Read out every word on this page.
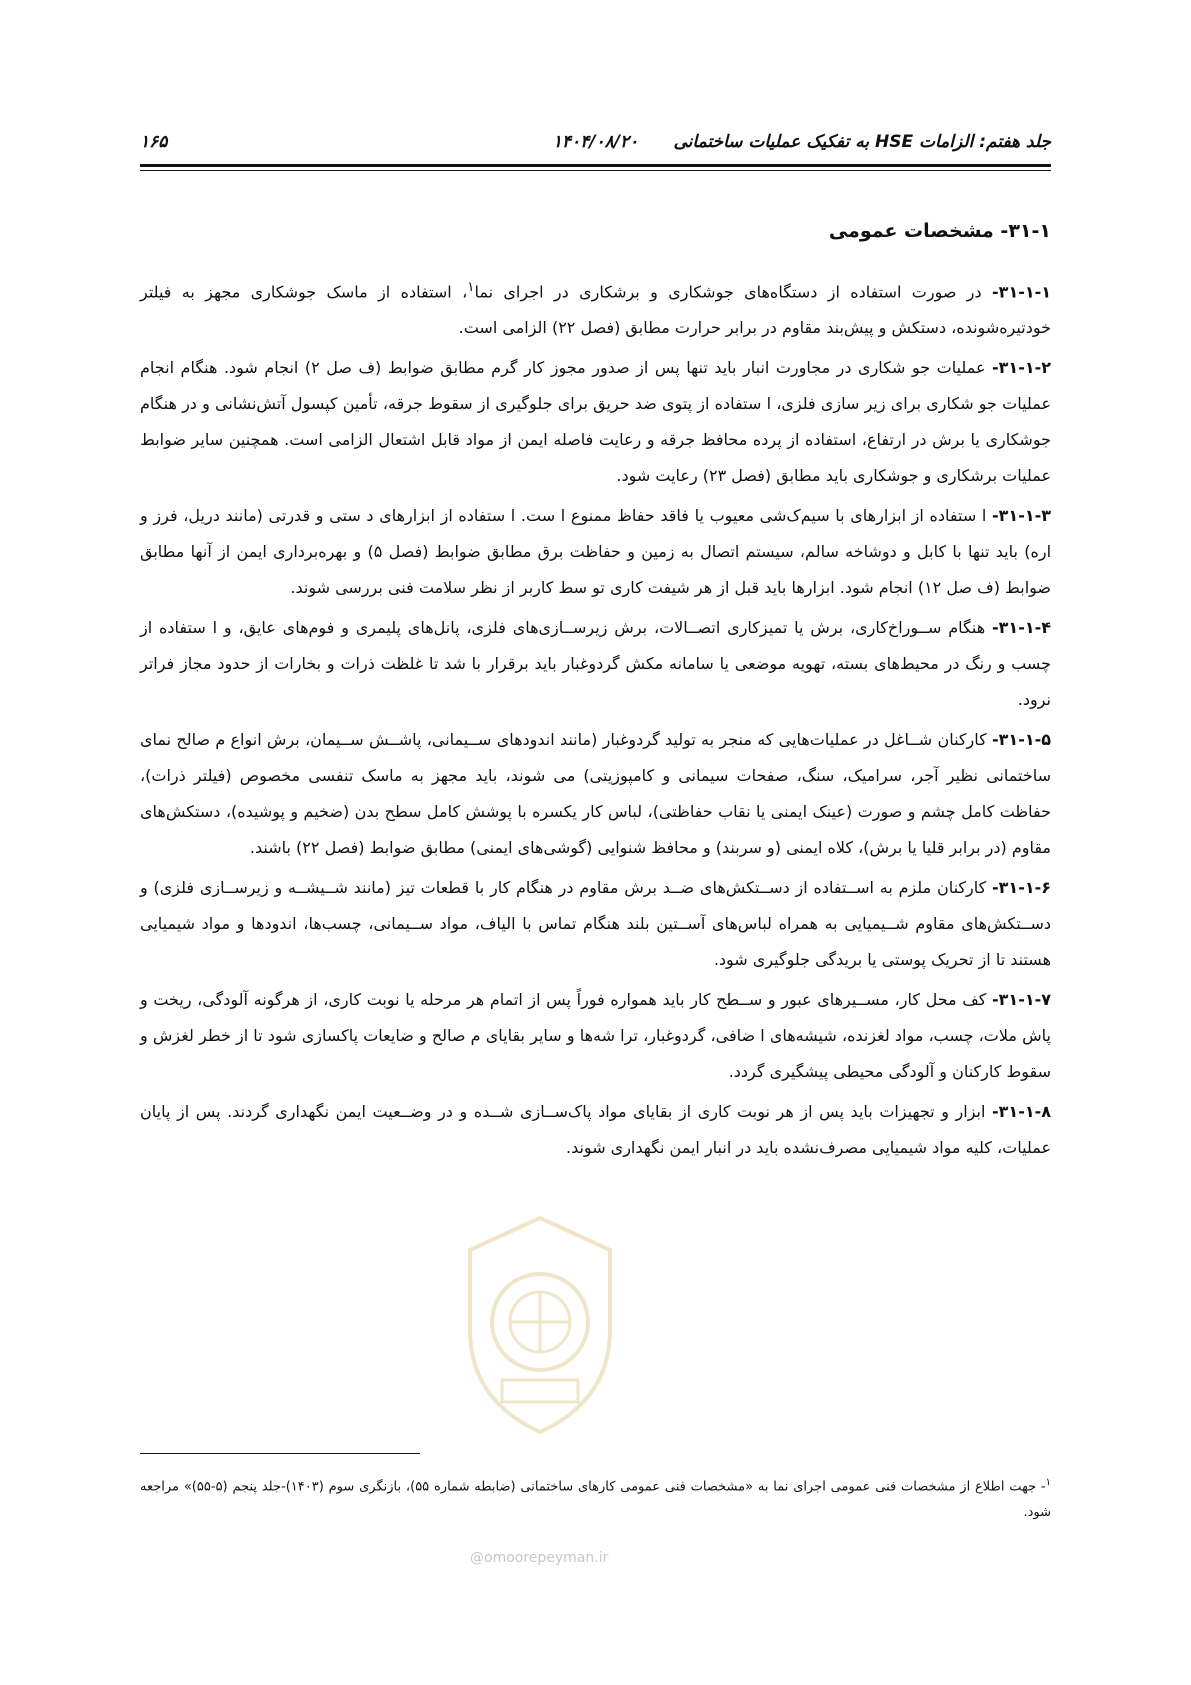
جلد هفتم: الزامات HSE به تفکیک عملیات ساختمانی
۱۴۰۴/۰۸/۲۰
۱۶۵
۳۱-۱- مشخصات عمومی

۳۱-۱-۱- در صورت استفاده از دستگاه‌های جوشکاری و برشکاری در اجرای نما$^۱$، استفاده از ماسک جوشکاری مجهز به فیلتر خودتیره‌شونده، دستکش و پیش‌بند مقاوم در برابر حرارت مطابق (فصل ۲۲) الزامی است.

۳۱-۱-۲- عملیات جو شکاری در مجاورت انبار باید تنها پس از صدور مجوز کار گرم مطابق ضوابط (ف صل ۲) انجام شود. هنگام انجام عملیات جو شکاری برای زیر سازی فلزی، ا ستفاده از پتوی ضد حریق برای جلوگیری از سقوط جرقه، تأمین کپسول آتش‌نشانی و در هنگام جوشکاری یا برش در ارتفاع، استفاده از پرده محافظ جرقه و رعایت فاصله ایمن از مواد قابل اشتعال الزامی است. همچنین سایر ضوابط عملیات برشکاری و جوشکاری باید مطابق (فصل ۲۳) رعایت شود.

۳۱-۱-۳- ا ستفاده از ابزارهای با سیم‌ک‌شی معیوب یا فاقد حفاظ ممنوع ا ست. ا ستفاده از ابزارهای د ستی و قدرتی (مانند دریل، فرز و اره) باید تنها با کابل و دوشاخه سالم، سیستم اتصال به زمین و حفاظت برق مطابق ضوابط (فصل ۵) و بهره‌برداری ایمن از آنها مطابق ضوابط (ف صل ۱۲) انجام شود. ابزارها باید قبل از هر شیفت کاری تو سط کاربر از نظر سلامت فنی بررسی شوند.

۳۱-۱-۴- هنگام ســوراخ‌کاری، برش یا تمیزکاری اتصــالات، برش زیرســازی‌های فلزی، پانل‌های پلیمری و فوم‌های عایق، و ا ستفاده از چسب و رنگ در محیط‌های بسته، تهویه موضعی یا سامانه مکش گردوغبار باید برقرار با شد تا غلظت ذرات و بخارات از حدود مجاز فراتر نرود.

۳۱-۱-۵- کارکنان شــاغل در عملیات‌هایی که منجر به تولید گردوغبار (مانند اندودهای ســیمانی، پاشــش ســیمان، برش انواع م صالح نمای ساختمانی نظیر آجر، سرامیک، سنگ، صفحات سیمانی و کامپوزیتی) می شوند، باید مجهز به ماسک تنفسی مخصوص (فیلتر ذرات)، حفاظت کامل چشم و صورت (عینک ایمنی یا نقاب حفاظتی)، لباس کار یکسره با پوشش کامل سطح بدن (ضخیم و پوشیده)، دستکش‌های مقاوم (در برابر قلیا یا برش)، کلاه ایمنی (و سربند) و محافظ شنوایی (گوشی‌های ایمنی) مطابق ضوابط (فصل ۲۲) باشند.

۳۱-۱-۶- کارکنان ملزم به اســتفاده از دســتکش‌های ضــد برش مقاوم در هنگام کار با قطعات تیز (مانند شــیشــه و زیرســازی فلزی) و دســتکش‌های مقاوم شــیمیایی به همراه لباس‌های آســتین بلند هنگام تماس با الیاف، مواد ســیمانی، چسب‌ها، اندودها و مواد شیمیایی هستند تا از تحریک پوستی یا بریدگی جلوگیری شود.

۳۱-۱-۷- کف محل کار، مســیرهای عبور و ســطح کار باید همواره فوراً پس از اتمام هر مرحله یا نوبت کاری، از هرگونه آلودگی، ریخت و پاش ملات، چسب، مواد لغزنده، شیشه‌های ا ضافی، گردوغبار، ترا شه‌ها و سایر بقایای م صالح و ضایعات پاکسازی شود تا از خطر لغزش و سقوط کارکنان و آلودگی محیطی پیشگیری گردد.

۳۱-۱-۸- ابزار و تجهیزات باید پس از هر نوبت کاری از بقایای مواد پاک‌ســازی شــده و در وضــعیت ایمن نگهداری گردند. پس از پایان عملیات، کلیه مواد شیمیایی مصرف‌نشده باید در انبار ایمن نگهداری شوند.

@omoorepeyman.ir
$^۱$- جهت اطلاع از مشخصات فنی عمومی اجرای نما به «مشخصات فنی عمومی کارهای ساختمانی (ضابطه شماره ۵۵)، بازنگری سوم (۱۴۰۳)-جلد پنجم (۵-۵۵)» مراجعه شود.
